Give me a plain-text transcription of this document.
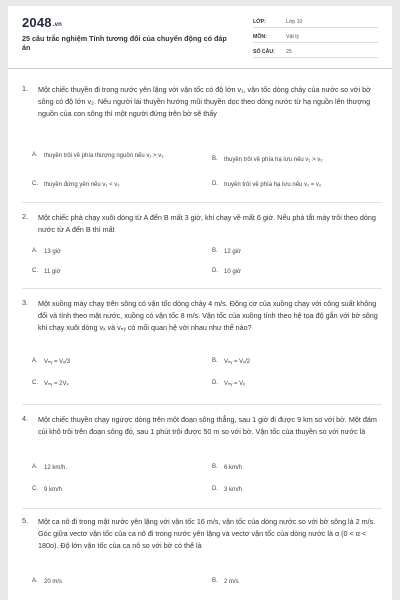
2048.vn
25 câu trắc nghiệm Tính tương đối của chuyển động có đáp án
LỚP:	Lớp 10
MÔN:	Vật lý
SỐ CÂU:	25
1. Một chiếc thuyền đi trong nước yên lặng với vận tốc có độ lớn v₁, vận tốc dòng chảy của nước so với bờ sông có độ lớn v₂. Nếu người lái thuyền hướng mũi thuyền dọc theo dòng nước từ hạ nguồn lên thượng nguồn của con sông thì một người đứng trên bờ sẽ thấy
A.	thuyền trôi về phía thượng nguồn nếu v₁ > v₂	B.	thuyền trôi về phía hạ lưu nếu v₁ > v₂
C.	thuyền đứng yên nếu v₁ < v₂	D.	truyền trôi về phía hạ lưu nếu v₁ = v₂
2. Một chiếc phà chạy xuôi dòng từ A đến B mất 3 giờ, khi chạy về mất 6 giờ. Nếu phà tắt máy trôi theo dòng nước từ A đến B thì mất
A.	13 giờ	B.	12 giờ
C.	11 giờ	D.	10 giờ
3. Một xuồng máy chạy trên sông có vận tốc dòng chảy 4 m/s. Động cơ của xuồng chạy với công suất không đổi và tính theo mặt nước, xuồng có vận tốc 8 m/s. Vận tốc của xuồng tính theo hệ tọa độ gắn với bờ sông khi chạy xuôi dòng vₓ và vₙᵧ có mối quan hệ với nhau như thế nào?
A.	Vₙᵧ = Vₓ/3	B.	Vₙᵧ = Vₓ/2
C.	Vₙᵧ = 2Vₓ	D.	Vₙᵧ = Vₓ
4. Một chiếc thuyền chạy ngược dòng trên một đoạn sông thẳng, sau 1 giờ đi được 9 km so với bờ. Một đám củi khô trôi trên đoạn sông đó, sau 1 phút trôi được 50 m so với bờ. Vận tốc của thuyền so với nước là
A.	12 km/h.	B.	6 km/h
C.	9 km/h	D.	3 km/h
5. Một ca nô đi trong mặt nước yên lặng với vận tốc 16 m/s, vận tốc của dòng nước so với bờ sông là 2 m/s. Góc giữa vectơ vận tốc của ca nô đi trong nước yên lặng và vectơ vận tốc của dòng nước là α (0 < α < 180o). Độ lớn vận tốc của ca nô so với bờ có thể là
A.	20 m/s	B.	2 m/s
